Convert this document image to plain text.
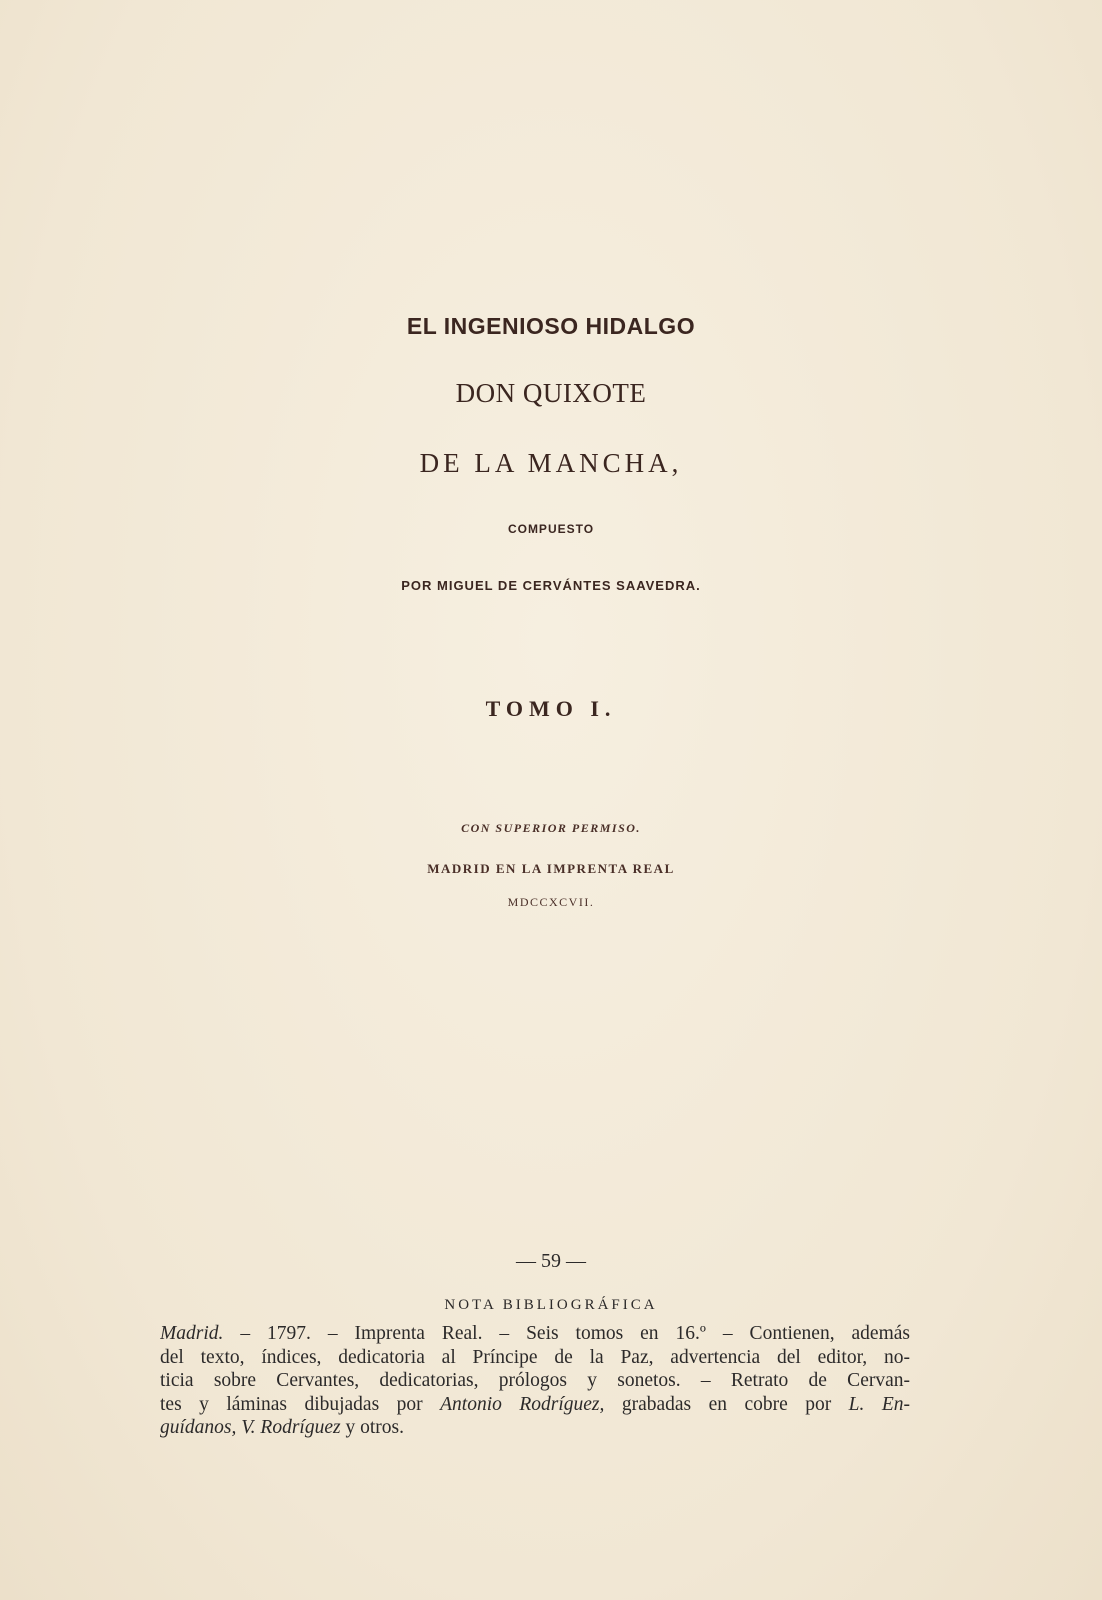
EL INGENIOSO HIDALGO
DON QUIXOTE
DE LA MANCHA,
COMPUESTO
POR MIGUEL DE CERVÁNTES SAAVEDRA.
TOMO I.
CON SUPERIOR PERMISO.
MADRID EN LA IMPRENTA REAL
MDCCXCVII.
— 59 —
NOTA BIBLIOGRÁFICA
Madrid. – 1797. – Imprenta Real. – Seis tomos en 16.º – Contienen, además
del texto, índices, dedicatoria al Príncipe de la Paz, advertencia del editor, no-
ticia sobre Cervantes, dedicatorias, prólogos y sonetos. – Retrato de Cervan-
tes y láminas dibujadas por Antonio Rodríguez, grabadas en cobre por L. En-
guídanos, V. Rodríguez y otros.
